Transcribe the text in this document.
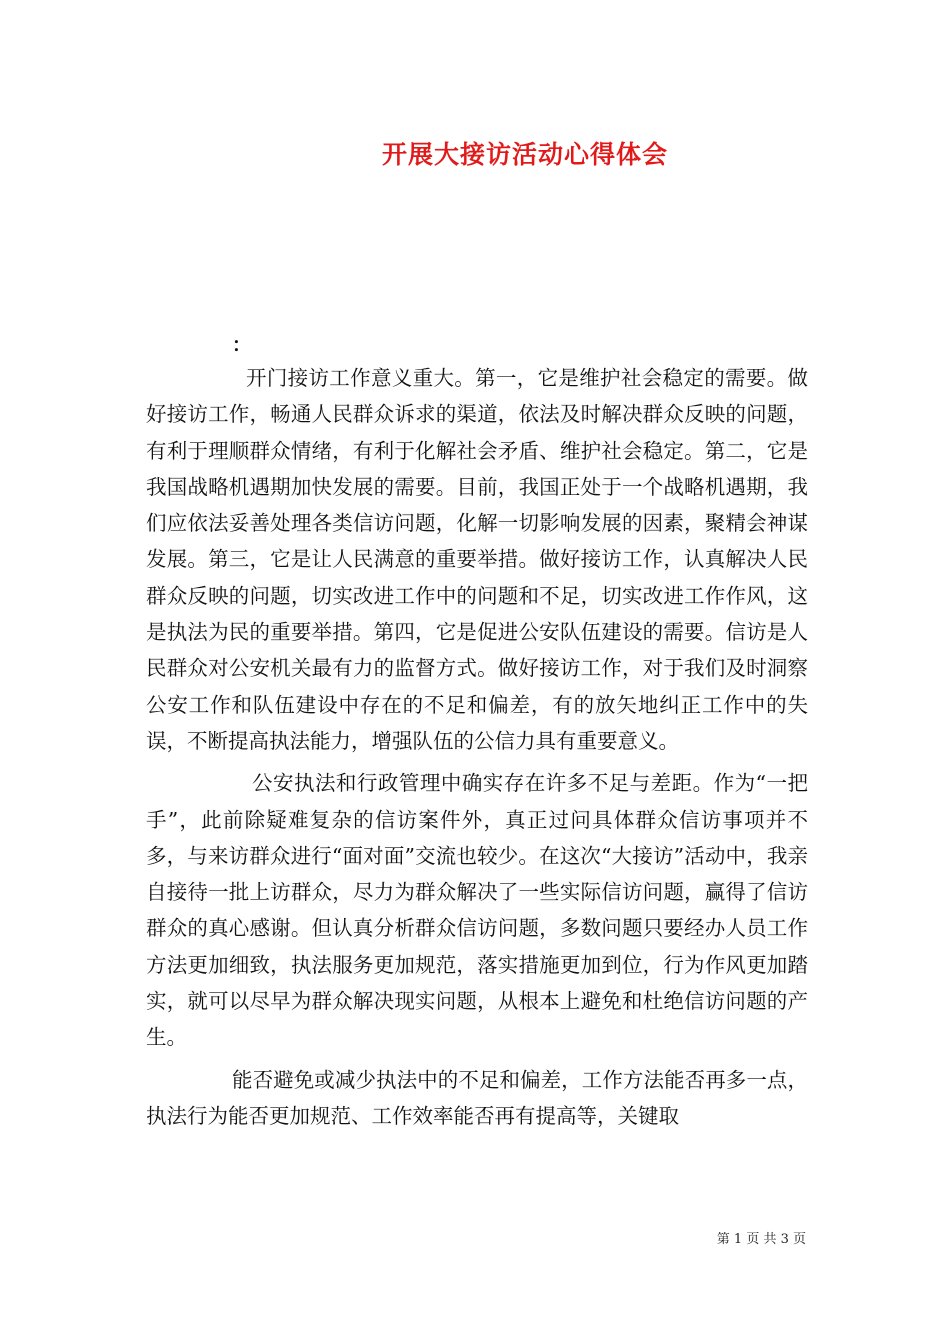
开展大接访活动心得体会
：

开门接访工作意义重大。第一，它是维护社会稳定的需要。做好接访工作，畅通人民群众诉求的渠道，依法及时解决群众反映的问题，有利于理顺群众情绪，有利于化解社会矛盾、维护社会稳定。第二，它是我国战略机遇期加快发展的需要。目前，我国正处于一个战略机遇期，我们应依法妥善处理各类信访问题，化解一切影响发展的因素，聚精会神谋发展。第三，它是让人民满意的重要举措。做好接访工作，认真解决人民群众反映的问题，切实改进工作中的问题和不足，切实改进工作作风，这是执法为民的重要举措。第四，它是促进公安队伍建设的需要。信访是人民群众对公安机关最有力的监督方式。做好接访工作，对于我们及时洞察公安工作和队伍建设中存在的不足和偏差，有的放矢地纠正工作中的失误，不断提高执法能力，增强队伍的公信力具有重要意义。

公安执法和行政管理中确实存在许多不足与差距。作为“一把手”，此前除疑难复杂的信访案件外，真正过问具体群众信访事项并不多，与来访群众进行“面对面”交流也较少。在这次“大接访”活动中，我亲自接待一批上访群众，尽力为群众解决了一些实际信访问题，赢得了信访群众的真心感谢。但认真分析群众信访问题，多数问题只要经办人员工作方法更加细致，执法服务更加规范，落实措施更加到位，行为作风更加踏实，就可以尽早为群众解决现实问题，从根本上避免和杜绝信访问题的产生。

能否避免或减少执法中的不足和偏差，工作方法能否再多一点，执法行为能否更加规范、工作效率能否再有提高等，关键取

第 1 页 共 3 页
